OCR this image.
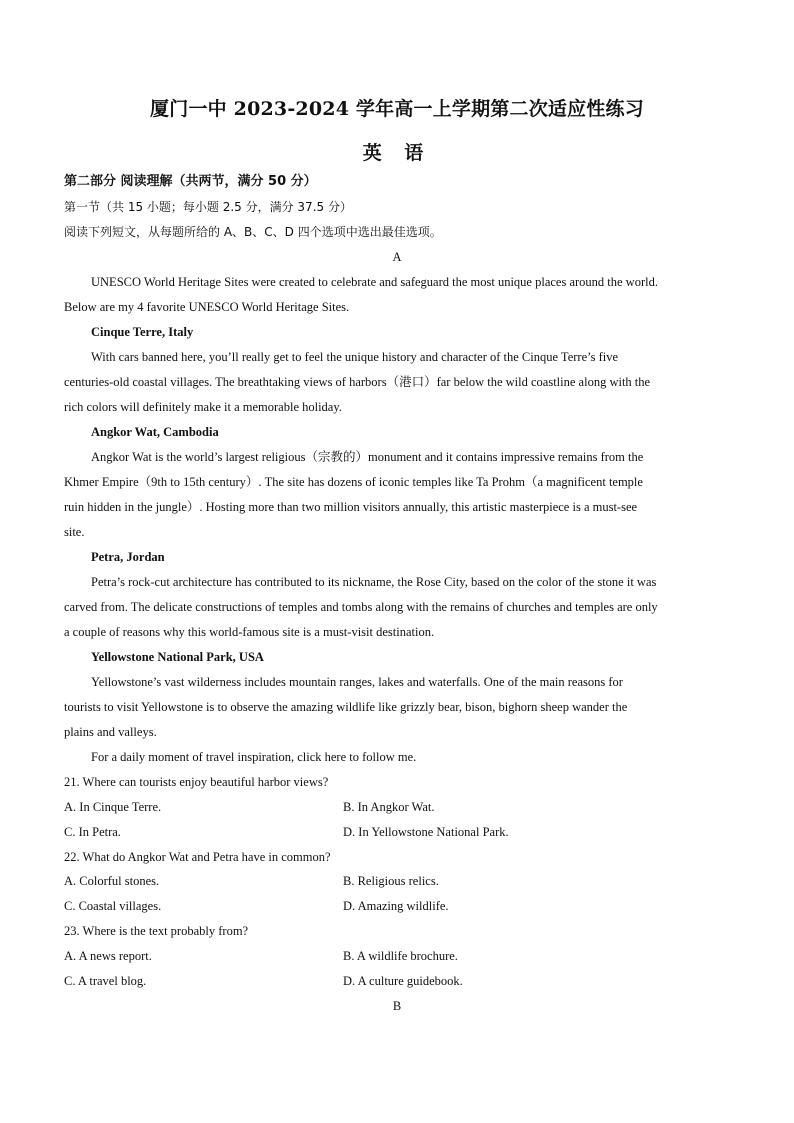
厦门一中 2023-2024 学年高一上学期第二次适应性练习
英 语
第二部分 阅读理解（共两节，满分 50 分）
第一节（共 15 小题；每小题 2.5 分，满分 37.5 分）
阅读下列短文，从每题所给的 A、B、C、D 四个选项中选出最佳选项。
A
UNESCO World Heritage Sites were created to celebrate and safeguard the most unique places around the world.
Below are my 4 favorite UNESCO World Heritage Sites.
Cinque Terre, Italy
With cars banned here, you’ll really get to feel the unique history and character of the Cinque Terre’s five
centuries-old coastal villages. The breathtaking views of harbors（港口）far below the wild coastline along with the
rich colors will definitely make it a memorable holiday.
Angkor Wat, Cambodia
Angkor Wat is the world’s largest religious（宗教的）monument and it contains impressive remains from the
Khmer Empire（9th to 15th century）. The site has dozens of iconic temples like Ta Prohm（a magnificent temple
ruin hidden in the jungle）. Hosting more than two million visitors annually, this artistic masterpiece is a must-see
site.
Petra, Jordan
Petra’s rock-cut architecture has contributed to its nickname, the Rose City, based on the color of the stone it was
carved from. The delicate constructions of temples and tombs along with the remains of churches and temples are only
a couple of reasons why this world-famous site is a must-visit destination.
Yellowstone National Park, USA
Yellowstone’s vast wilderness includes mountain ranges, lakes and waterfalls. One of the main reasons for
tourists to visit Yellowstone is to observe the amazing wildlife like grizzly bear, bison, bighorn sheep wander the
plains and valleys.
For a daily moment of travel inspiration, click here to follow me.
21. Where can tourists enjoy beautiful harbor views?
A. In Cinque Terre.	B. In Angkor Wat.
C. In Petra.	D. In Yellowstone National Park.
22. What do Angkor Wat and Petra have in common?
A. Colorful stones.	B. Religious relics.
C. Coastal villages.	D. Amazing wildlife.
23. Where is the text probably from?
A. A news report.	B. A wildlife brochure.
C. A travel blog.	D. A culture guidebook.
B
